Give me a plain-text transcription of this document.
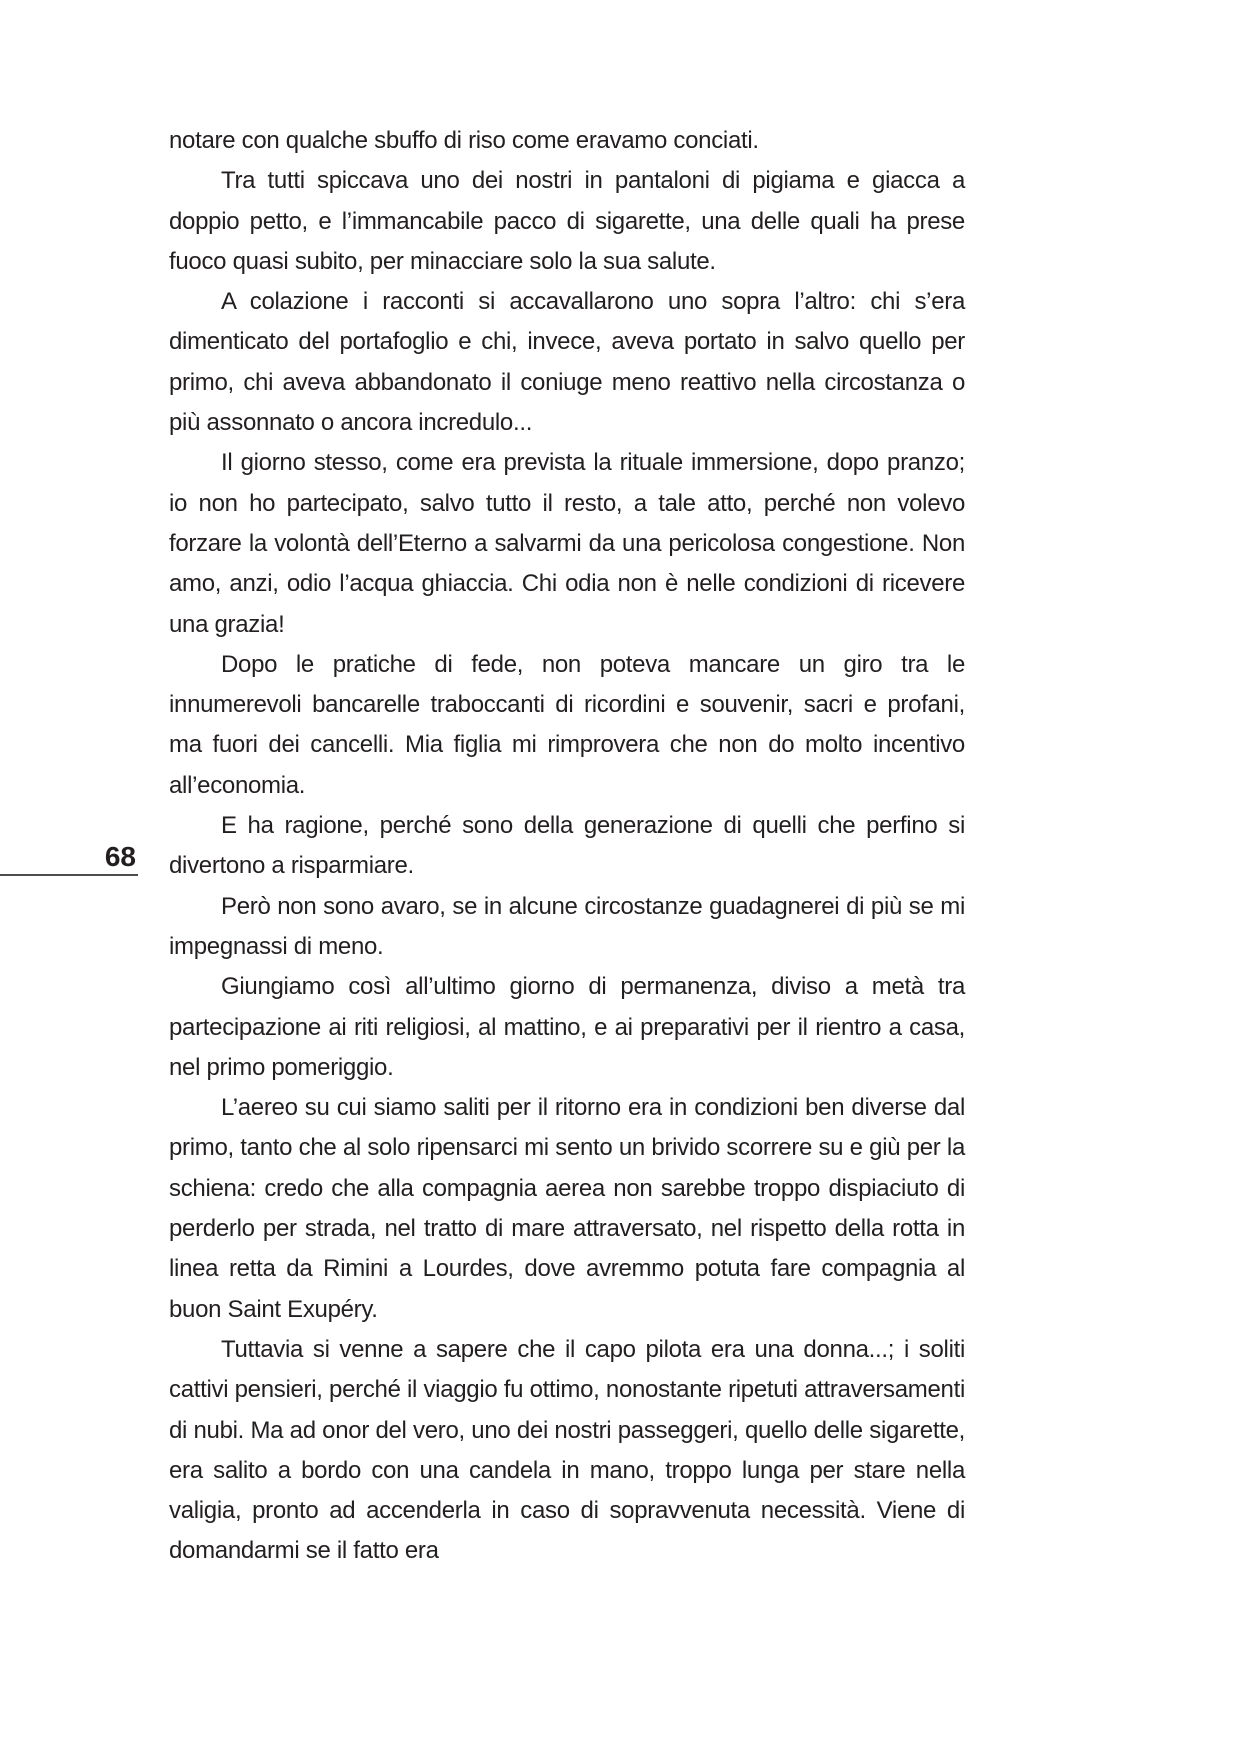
68

notare con qualche sbuffo di riso come eravamo conciati.

Tra tutti spiccava uno dei nostri in pantaloni di pigiama e giacca a doppio petto, e l’immancabile pacco di sigarette, una delle quali ha prese fuoco quasi subito, per minacciare solo la sua salute.

A colazione i racconti si accavallarono uno sopra l’altro: chi s’era dimenticato del portafoglio e chi, invece, aveva portato in salvo quello per primo, chi aveva abbandonato il coniuge meno reattivo nella circostanza o più assonnato o ancora incredulo...

Il giorno stesso, come era prevista la rituale immersione, dopo pranzo; io non ho partecipato, salvo tutto il resto, a tale atto, perché non volevo forzare la volontà dell’Eterno a salvarmi da una pericolosa congestione. Non amo, anzi, odio l’acqua ghiaccia. Chi odia non è nelle condizioni di ricevere una grazia!

Dopo le pratiche di fede, non poteva mancare un giro tra le innumerevoli bancarelle traboccanti di ricordini e souvenir, sacri e profani, ma fuori dei cancelli. Mia figlia mi rimprovera che non do molto incentivo all’economia.

E ha ragione, perché sono della generazione di quelli che perfino si divertono a risparmiare.

Però non sono avaro, se in alcune circostanze guadagnerei di più se mi impegnassi di meno.

Giungiamo così all’ultimo giorno di permanenza, diviso a metà tra partecipazione ai riti religiosi, al mattino, e ai preparativi per il rientro a casa, nel primo pomeriggio.

L’aereo su cui siamo saliti per il ritorno era in condizioni ben diverse dal primo, tanto che al solo ripensarci mi sento un brivido scorrere su e giù per la schiena: credo che alla compagnia aerea non sarebbe troppo dispiaciuto di perderlo per strada, nel tratto di mare attraversato, nel rispetto della rotta in linea retta da Rimini a Lourdes, dove avremmo potuta fare compagnia al buon Saint Exupéry.

Tuttavia si venne a sapere che il capo pilota era una donna...; i soliti cattivi pensieri, perché il viaggio fu ottimo, nonostante ripetuti attraversamenti di nubi. Ma ad onor del vero, uno dei nostri passeggeri, quello delle sigarette, era salito a bordo con una candela in mano, troppo lunga per stare nella valigia, pronto ad accenderla in caso di sopravvenuta necessità. Viene di domandarmi se il fatto era
